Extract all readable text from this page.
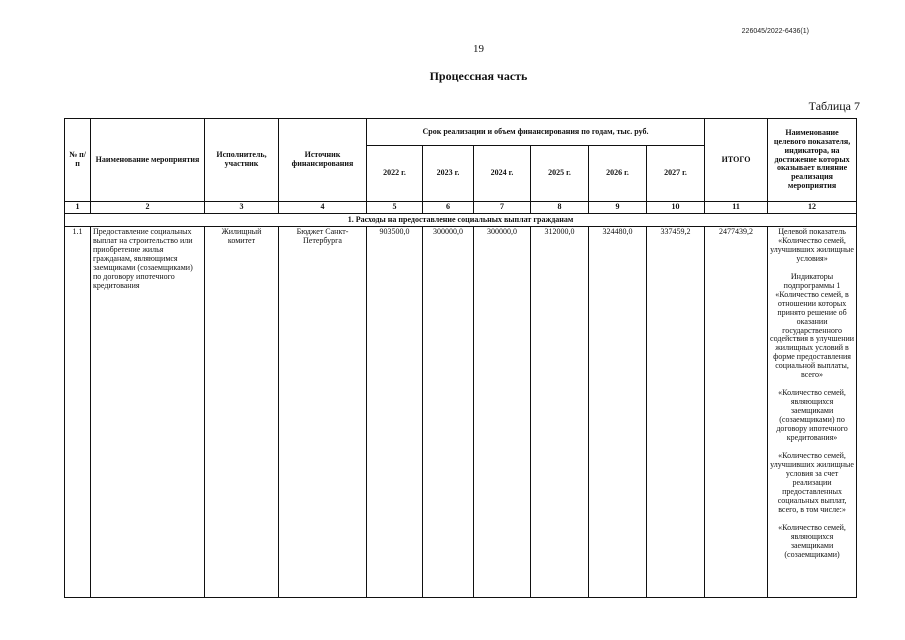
226045/2022-6436(1)
19
Процессная часть
Таблица 7
№ п/п	Наименование мероприятия	Исполнитель, участник	Источник финансирования	Срок реализации и объем финансирования по годам, тыс. руб.						ИТОГО	Наименование целевого показателя, индикатора, на достижение которых оказывает влияние реализация мероприятия
				2022 г.	2023 г.	2024 г.	2025 г.	2026 г.	2027 г.		
1	2	3	4	5	6	7	8	9	10	11	12
1. Расходы на предоставление социальных выплат гражданам											
1.1	Предоставление социальных выплат на строительство или приобретение жилья гражданам, являющимся заемщиками (созаемщиками) по договору ипотечного кредитования	Жилищный комитет	Бюджет Санкт-Петербурга	903500,0	300000,0	300000,0	312000,0	324480,0	337459,2	2477439,2	Целевой показатель «Количество семей, улучшивших жилищные условия»

Индикаторы подпрограммы 1 «Количество семей, в отношении которых принято решение об оказании государственного содействия в улучшении жилищных условий в форме предоставления социальной выплаты, всего»

«Количество семей, являющихся заемщиками (созаемщиками) по договору ипотечного кредитования»

«Количество семей, улучшивших жилищные условия за счет реализации предоставленных социальных выплат, всего, в том числе:»

«Количество семей, являющихся заемщиками (созаемщиками)
